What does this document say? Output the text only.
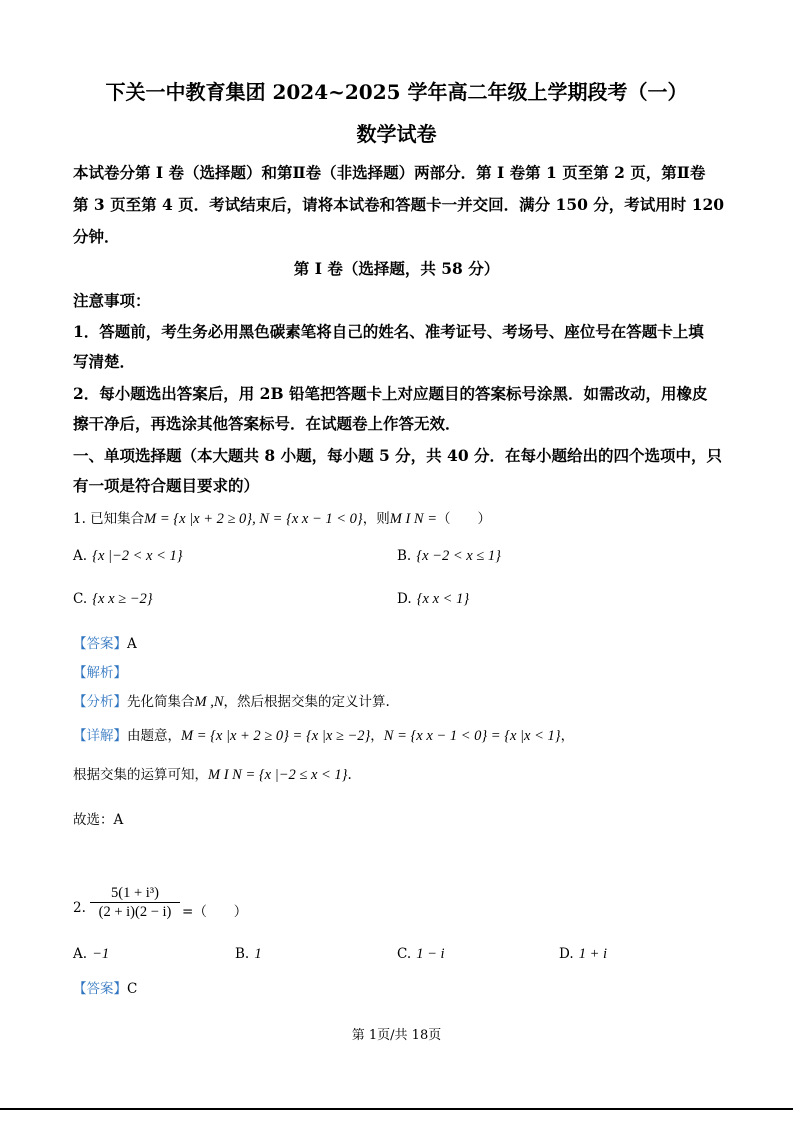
下关一中教育集团 2024~2025 学年高二年级上学期段考（一）
数学试卷
本试卷分第 I 卷（选择题）和第Ⅱ卷（非选择题）两部分．第 I 卷第 1 页至第 2 页，第Ⅱ卷
第 3 页至第 4 页．考试结束后，请将本试卷和答题卡一并交回．满分 150 分，考试用时 120
分钟．
第 I 卷（选择题，共 58 分）
注意事项：
1．答题前，考生务必用黑色碳素笔将自己的姓名、准考证号、考场号、座位号在答题卡上填
写清楚．
2．每小题选出答案后，用 2B 铅笔把答题卡上对应题目的答案标号涂黑．如需改动，用橡皮
擦干净后，再选涂其他答案标号．在试题卷上作答无效．
一、单项选择题（本大题共 8 小题，每小题 5 分，共 40 分．在每小题给出的四个选项中，只
有一项是符合题目要求的）
1. 已知集合M = {x |x + 2 ≥ 0}, N = {x x − 1 < 0}，则M I N =（　　）
A. {x |−2 < x < 1}	B. {x −2 < x ≤ 1}
C. {x x ≥ −2}	D. {x x < 1}
【答案】A
【解析】
【分析】先化简集合M ,N，然后根据交集的定义计算.
【详解】由题意，M = {x |x + 2 ≥ 0} = {x |x ≥ −2}，N = {x x − 1 < 0} = {x |x < 1}，
根据交集的运算可知，M I N = {x |−2 ≤ x < 1}.
故选：A
2. $\frac{\text{5(1 + i³)}}{(2 + i)(2 - i)}$ =（　　）
A. −1	B. 1	C. 1 − i	D. 1 + i
【答案】C
第 1页/共 18页
